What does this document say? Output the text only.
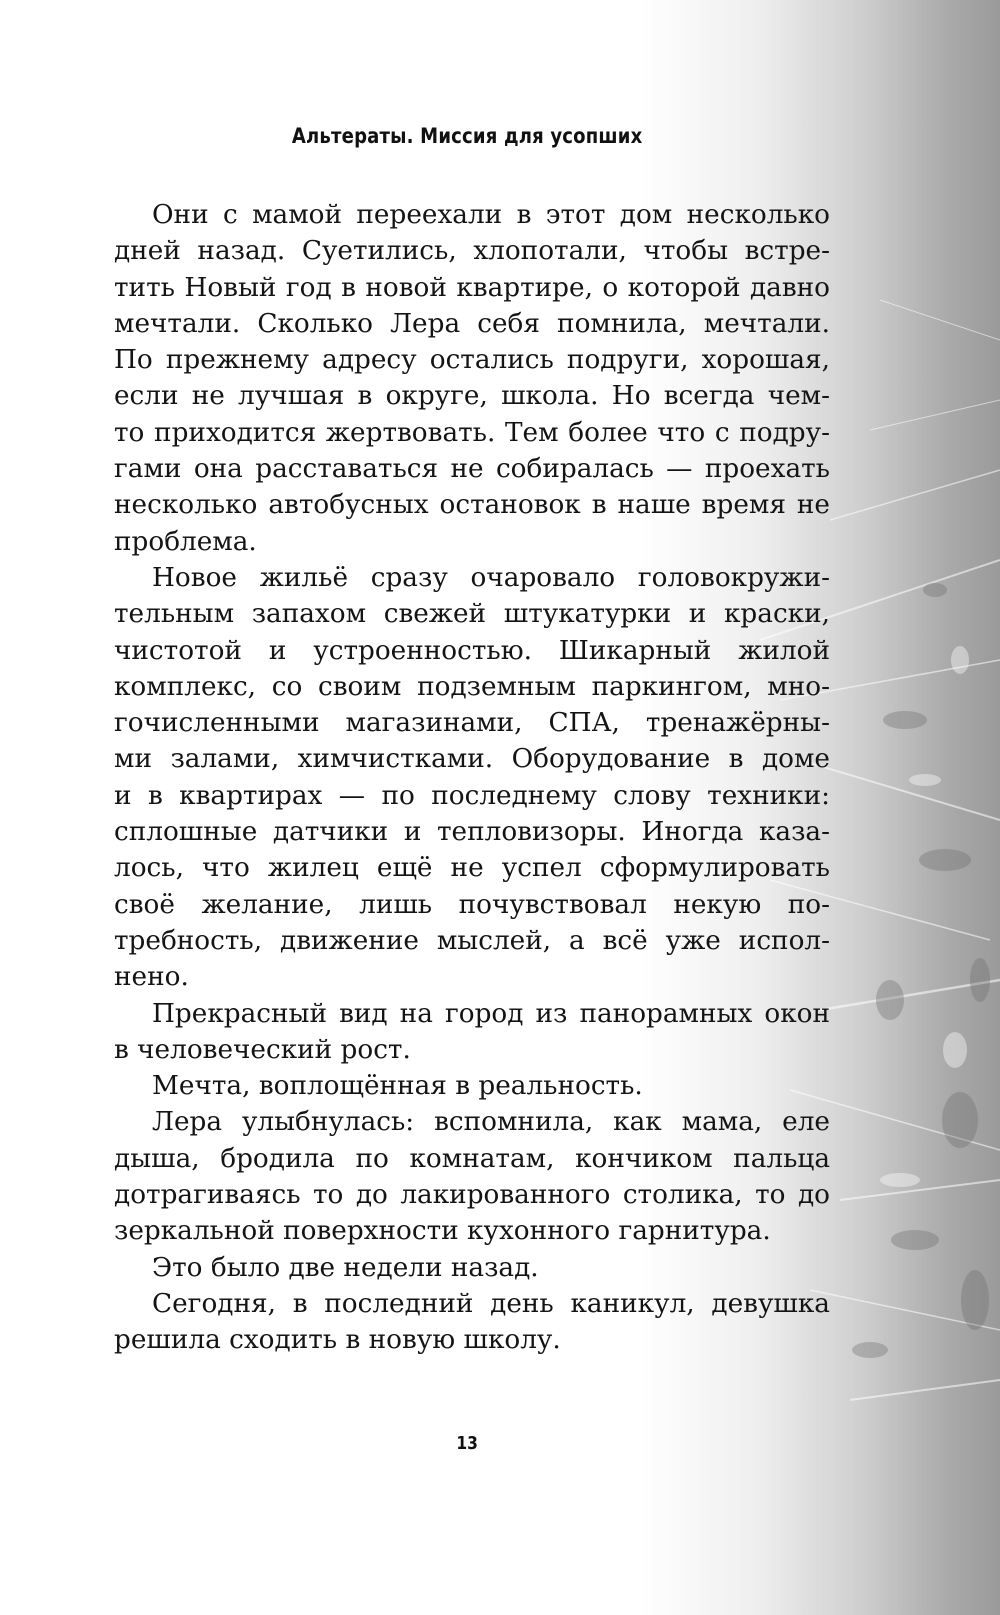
Альтераты. Миссия для усопших

Они с мамой переехали в этот дом несколько
дней назад. Суетились, хлопотали, чтобы встре-
тить Новый год в новой квартире, о которой давно
мечтали. Сколько Лера себя помнила, мечтали.
По прежнему адресу остались подруги, хорошая,
если не лучшая в округе, школа. Но всегда чем-
то приходится жертвовать. Тем более что с подру-
гами она расставаться не собиралась — проехать
несколько автобусных остановок в наше время не
проблема.

Новое жильё сразу очаровало головокружи-
тельным запахом свежей штукатурки и краски,
чистотой и устроенностью. Шикарный жилой
комплекс, со своим подземным паркингом, мно-
гочисленными магазинами, СПА, тренажёрны-
ми залами, химчистками. Оборудование в доме
и в квартирах — по последнему слову техники:
сплошные датчики и тепловизоры. Иногда каза-
лось, что жилец ещё не успел сформулировать
своё желание, лишь почувствовал некую по-
требность, движение мыслей, а всё уже испол-
нено.

Прекрасный вид на город из панорамных окон
в человеческий рост.

Мечта, воплощённая в реальность.

Лера улыбнулась: вспомнила, как мама, еле
дыша, бродила по комнатам, кончиком пальца
дотрагиваясь то до лакированного столика, то до
зеркальной поверхности кухонного гарнитура.

Это было две недели назад.

Сегодня, в последний день каникул, девушка
решила сходить в новую школу.

13
